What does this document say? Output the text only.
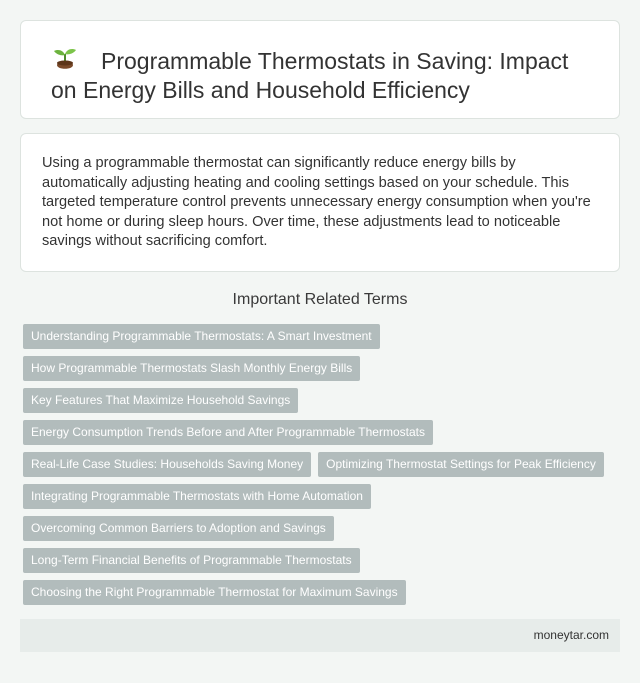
Programmable Thermostats in Saving: Impact on Energy Bills and Household Efficiency

Using a programmable thermostat can significantly reduce energy bills by automatically adjusting heating and cooling settings based on your schedule. This targeted temperature control prevents unnecessary energy consumption when you're not home or during sleep hours. Over time, these adjustments lead to noticeable savings without sacrificing comfort.

Important Related Terms
Understanding Programmable Thermostats: A Smart Investment
How Programmable Thermostats Slash Monthly Energy Bills
Key Features That Maximize Household Savings
Energy Consumption Trends Before and After Programmable Thermostats
Real-Life Case Studies: Households Saving Money	Optimizing Thermostat Settings for Peak Efficiency
Integrating Programmable Thermostats with Home Automation
Overcoming Common Barriers to Adoption and Savings
Long-Term Financial Benefits of Programmable Thermostats
Choosing the Right Programmable Thermostat for Maximum Savings
moneytar.com
